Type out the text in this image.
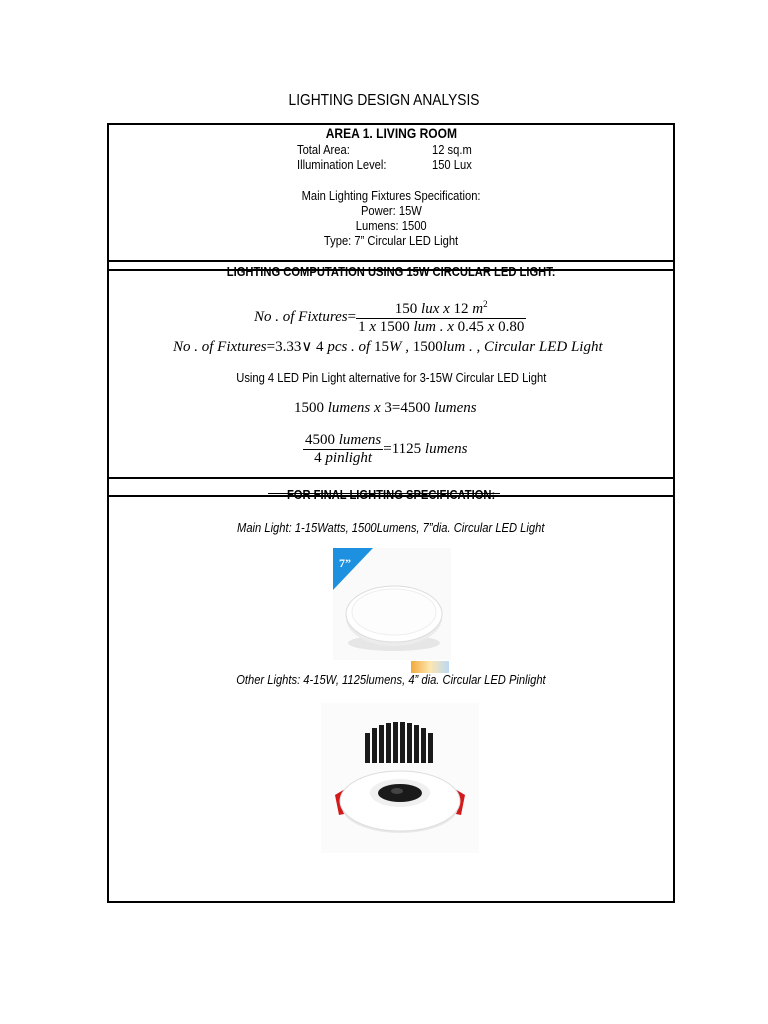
LIGHTING DESIGN ANALYSIS
AREA 1. LIVING ROOM
Total Area:	12 sq.m
Illumination Level:	150 Lux
Main Lighting Fixtures Specification:
Power: 15W
Lumens: 1500
Type: 7” Circular LED Light
LIGHTING COMPUTATION USING 15W CIRCULAR LED LIGHT:
No . of Fixtures= $\frac{150 lux x 12 m^2}{\text{1 x 1500 lum . x 0.45 x 0.80}}$
No . of Fixtures=3.33∨ 4 pcs . of 15W , 1500lum . , Circular LED Light
Using 4 LED Pin Light alternative for 3-15W Circular LED Light
1500 lumens x 3=4500 lumens
$\frac{\text{4500 lumens}}{\text{4 pinlight}} =1125$ lumens
FOR FINAL LIGHTING SPECIFICATION:
Main Light: 1-15Watts, 1500Lumens, 7”dia. Circular LED Light
7”
Other Lights: 4-15W, 1125lumens, 4” dia. Circular LED Pinlight
